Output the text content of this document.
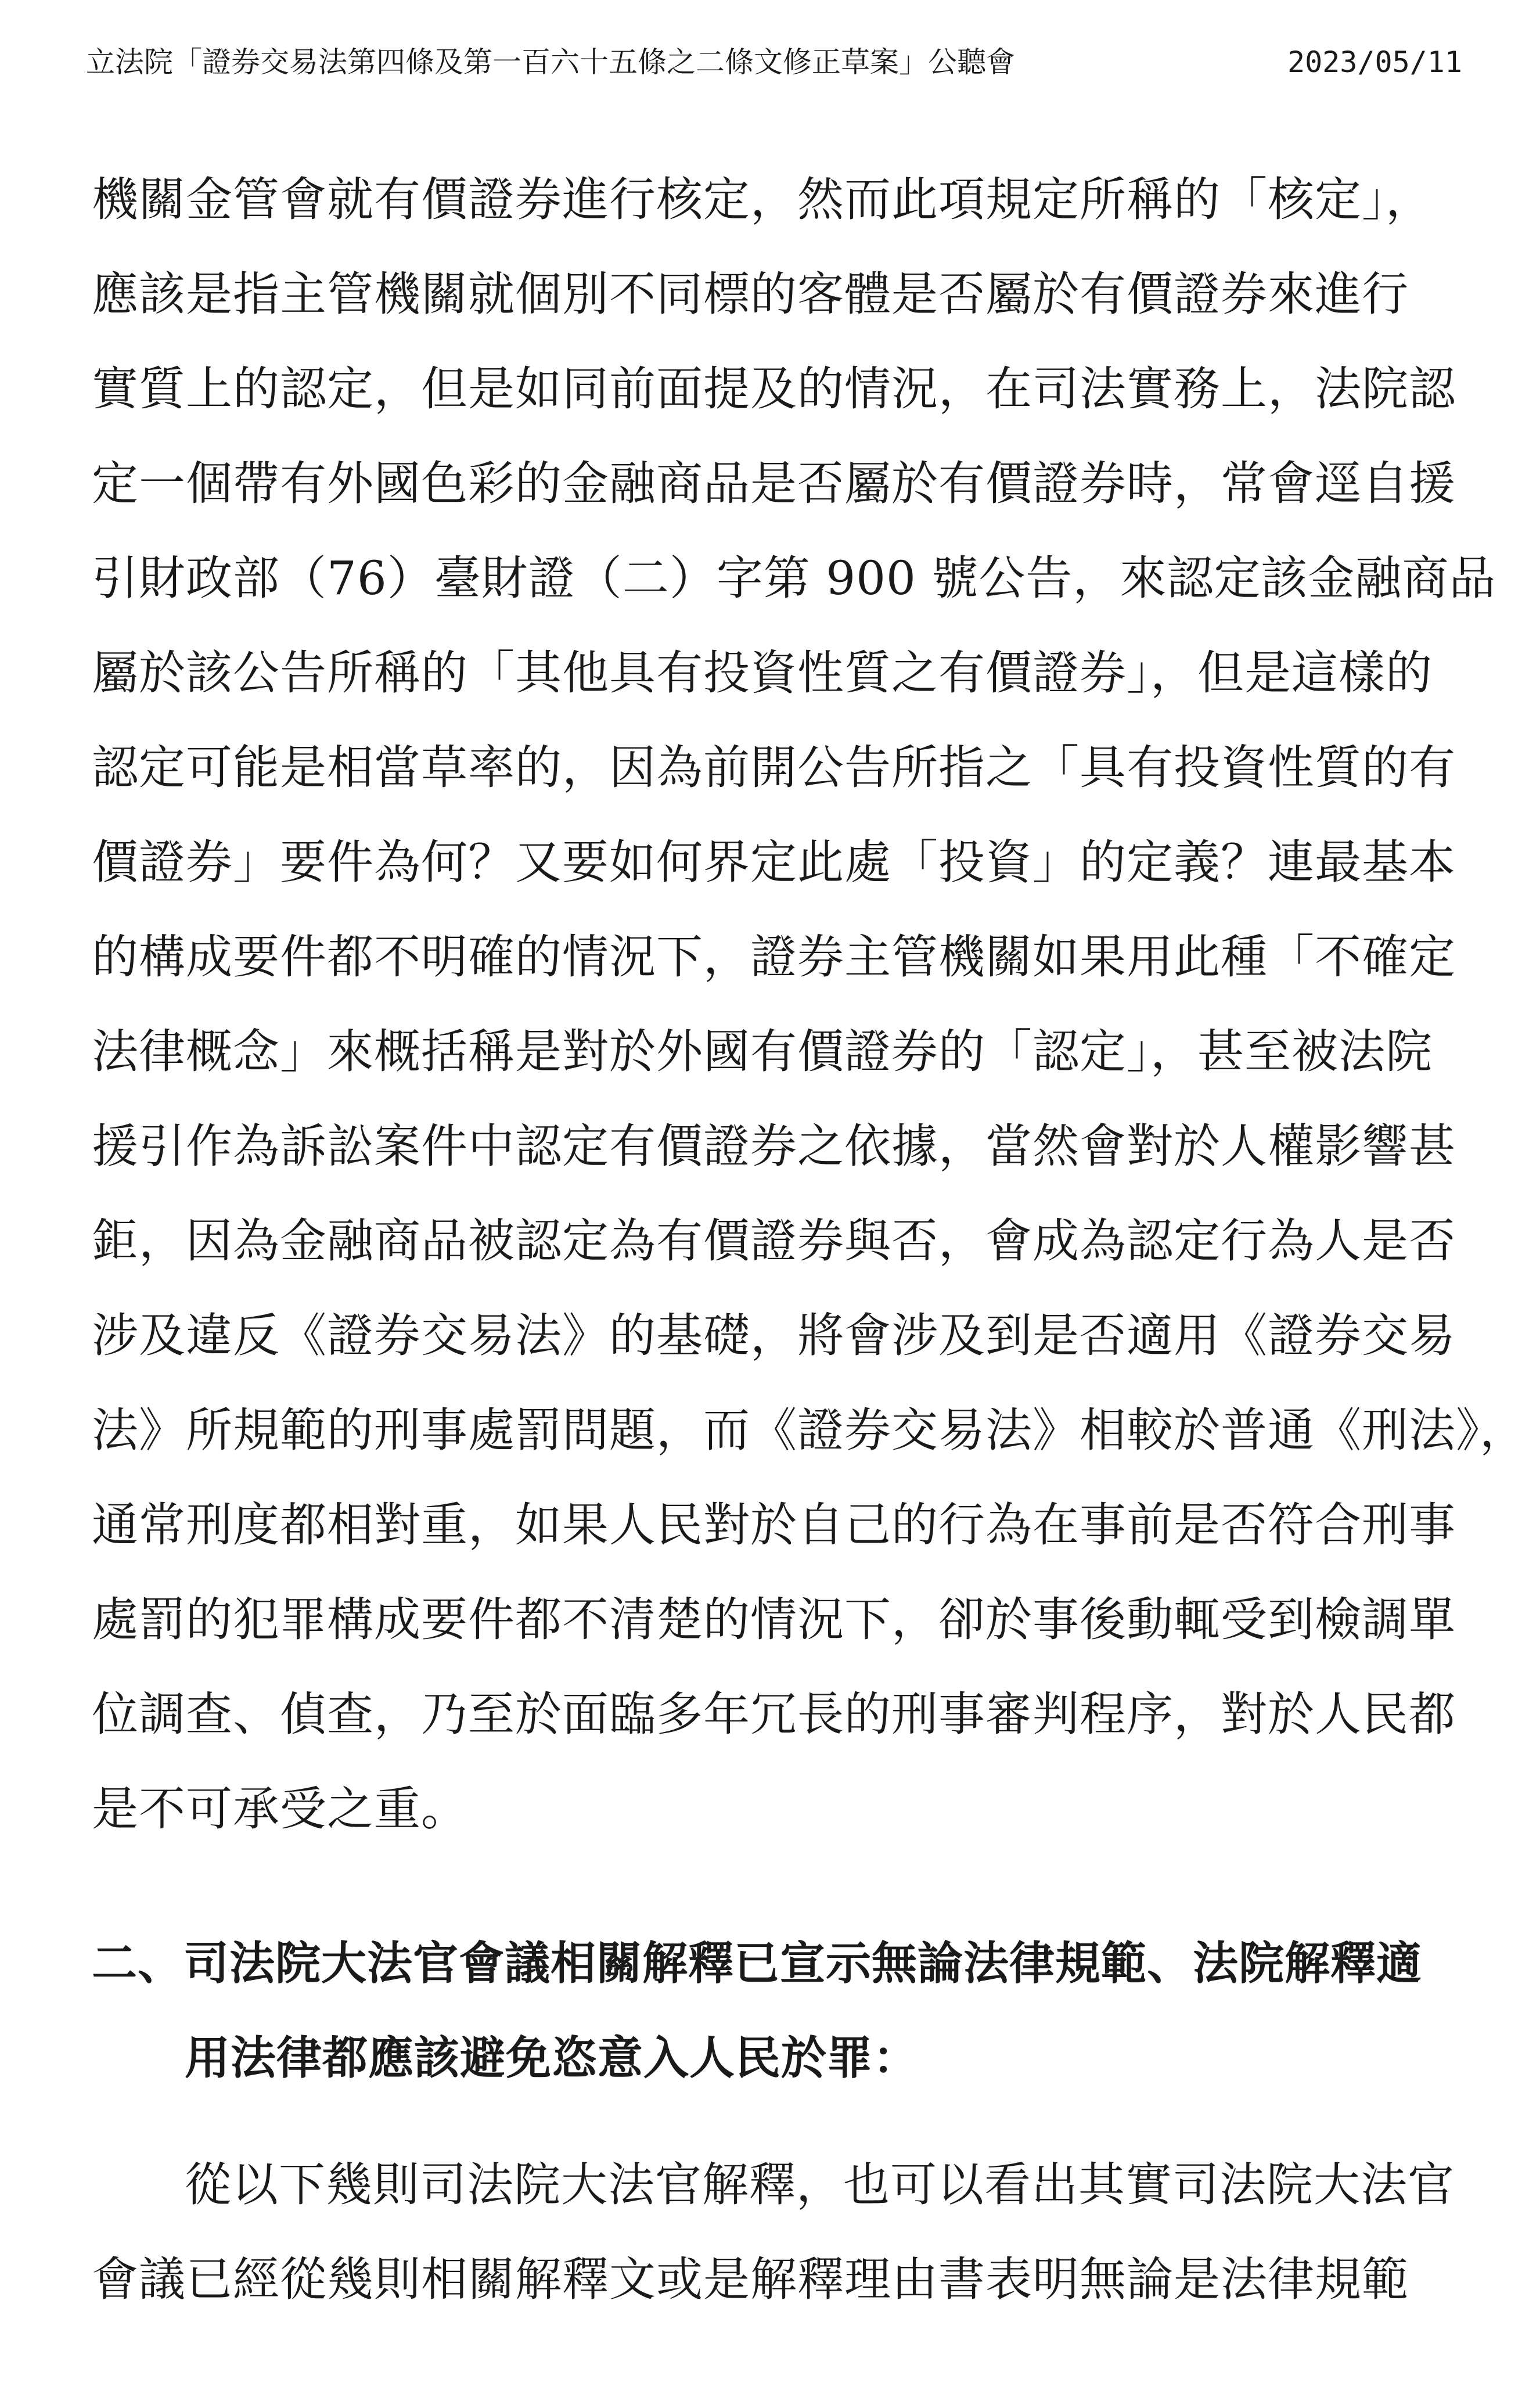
立法院「證券交易法第四條及第一百六十五條之二條文修正草案」公聽會	2023/05/11
機關金管會就有價證券進行核定，然而此項規定所稱的「核定」，
應該是指主管機關就個別不同標的客體是否屬於有價證券來進行
實質上的認定，但是如同前面提及的情況，在司法實務上，法院認
定一個帶有外國色彩的金融商品是否屬於有價證券時，常會逕自援
引財政部（76）臺財證（二）字第 900 號公告，來認定該金融商品
屬於該公告所稱的「其他具有投資性質之有價證券」，但是這樣的
認定可能是相當草率的，因為前開公告所指之「具有投資性質的有
價證券」要件為何？又要如何界定此處「投資」的定義？連最基本
的構成要件都不明確的情況下，證券主管機關如果用此種「不確定
法律概念」來概括稱是對於外國有價證券的「認定」，甚至被法院
援引作為訴訟案件中認定有價證券之依據，當然會對於人權影響甚
鉅，因為金融商品被認定為有價證券與否，會成為認定行為人是否
涉及違反《證券交易法》的基礎，將會涉及到是否適用《證券交易
法》所規範的刑事處罰問題，而《證券交易法》相較於普通《刑法》，
通常刑度都相對重，如果人民對於自己的行為在事前是否符合刑事
處罰的犯罪構成要件都不清楚的情況下，卻於事後動輒受到檢調單
位調查、偵查，乃至於面臨多年冗長的刑事審判程序，對於人民都
是不可承受之重。
二、司法院大法官會議相關解釋已宣示無論法律規範、法院解釋適
用法律都應該避免恣意入人民於罪：
從以下幾則司法院大法官解釋，也可以看出其實司法院大法官
會議已經從幾則相關解釋文或是解釋理由書表明無論是法律規範
